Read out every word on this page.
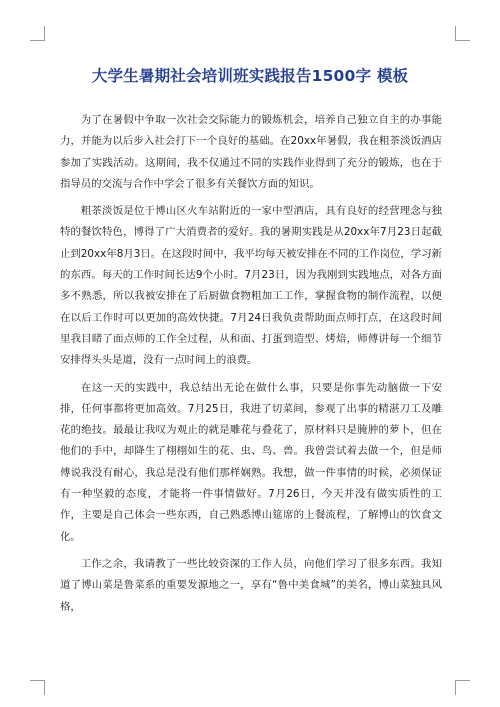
大学生暑期社会培训班实践报告1500字 模板

为了在暑假中争取一次社会交际能力的锻炼机会，培养自己独立自主的办事能力，并能为以后步入社会打下一个良好的基础。在20xx年暑假，我在粗茶淡饭酒店参加了实践活动。这期间，我不仅通过不同的实践作业得到了充分的锻炼，也在于指导员的交流与合作中学会了很多有关餐饮方面的知识。

粗茶淡饭是位于博山区火车站附近的一家中型酒店，具有良好的经营理念与独特的餐饮特色，博得了广大消费者的爱好。我的暑期实践是从20xx年7月23日起截止到20xx年8月3日。在这段时间中，我平均每天被安排在不同的工作岗位，学习新的东西。每天的工作时间长达9个小时。7月23日，因为我刚到实践地点，对各方面多不熟悉，所以我被安排在了后厨做食物粗加工工作，掌握食物的制作流程，以便在以后工作时可以更加的高效快捷。7月24日我负责帮助面点师打点，在这段时间里我目睹了面点师的工作全过程，从和面、打蛋到造型、烤焙，师傅讲每一个细节安排得头头是道，没有一点时间上的浪费。

在这一天的实践中，我总结出无论在做什么事，只要是你事先动脑做一下安排，任何事都将更加高效。7月25日，我进了切菜间，参观了出事的精湛刀工及雕花的绝技。最最让我叹为观止的就是雕花与叠花了，原材料只是腌肿的萝卜，但在他们的手中，却降生了栩栩如生的花、虫、鸟、兽。我曾尝试着去做一个，但是师傅说我没有耐心，我总是没有他们那样娴熟。我想，做一件事情的时候，必须保证有一种坚毅的态度，才能将一件事情做好。7月26日，今天并没有做实质性的工作，主要是自己体会一些东西，自己熟悉博山筵席的上餐流程，了解博山的饮食文化。

工作之余，我请教了一些比较资深的工作人员，向他们学习了很多东西。我知道了博山菜是鲁菜系的重要发源地之一，享有“鲁中美食城”的美名，博山菜独具风格，
